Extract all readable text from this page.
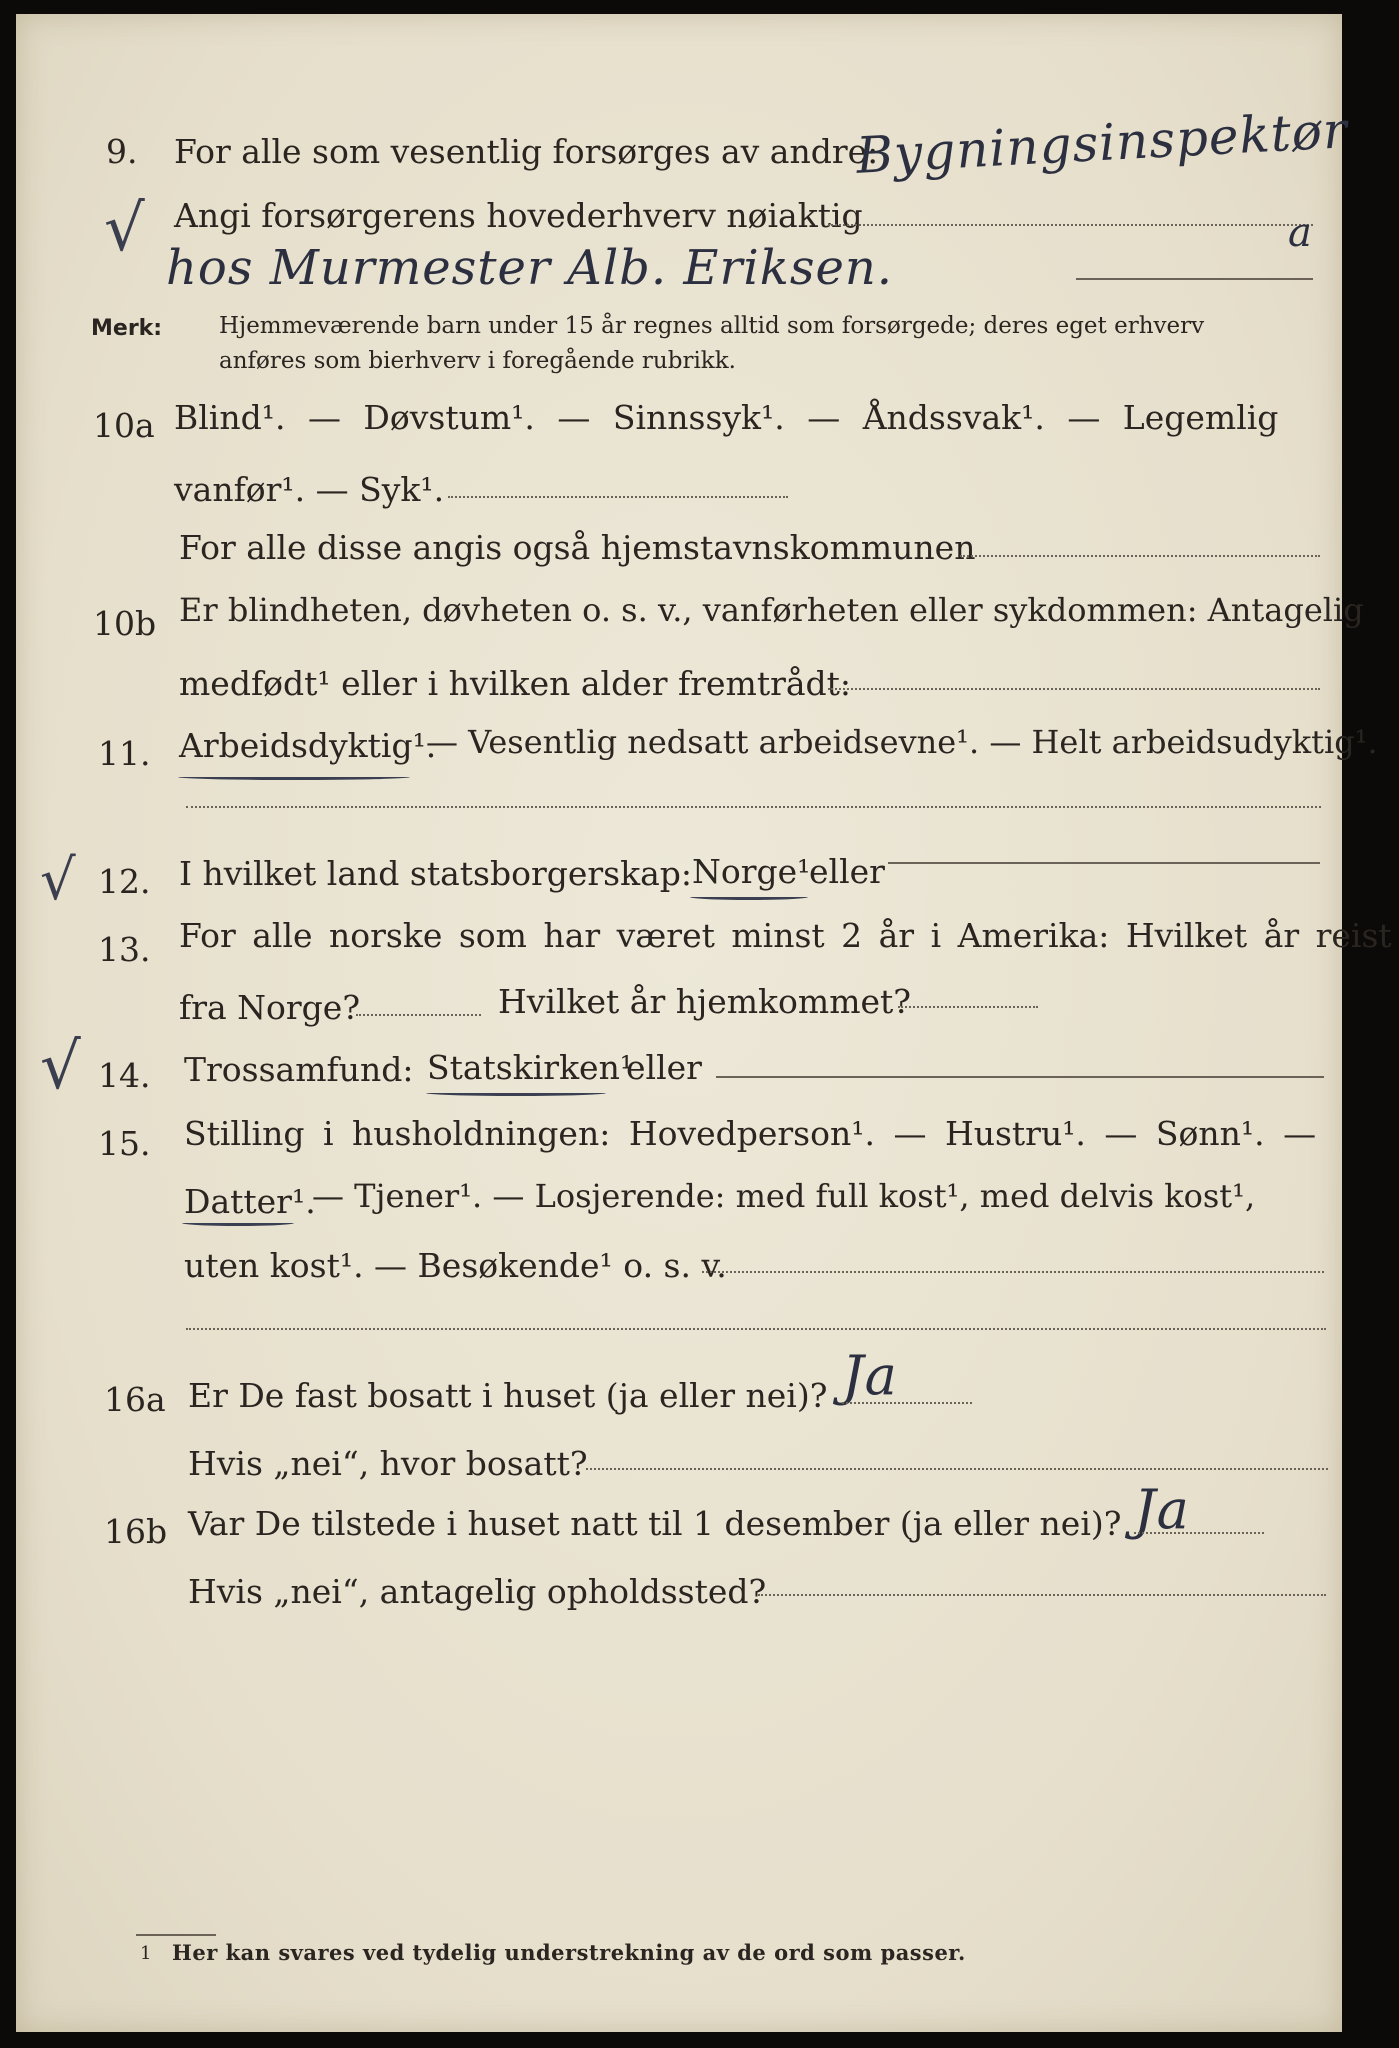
9. For alle som vesentlig forsørges av andre:
Bygningsinspektør
Angi forsørgerens hovederhverv nøiaktig	a
√
hos Murmester Alb. Eriksen.
Merk: Hjemmeværende barn under 15 år regnes alltid som forsørgede; deres eget erhverv
anføres som bierhverv i foregående rubrikk.
10a Blind¹. — Døvstum¹. — Sinnssyk¹. — Åndssvak¹. — Legemlig
vanfør¹. — Syk¹.
For alle disse angis også hjemstavnskommunen
10b Er blindheten, døvheten o. s. v., vanførheten eller sykdommen: Antagelig
medfødt¹ eller i hvilken alder fremtrådt:
11. Arbeidsdyktig¹.
— Vesentlig nedsatt arbeidsevne¹. — Helt arbeidsudyktig¹.
√ 12. I hvilket land statsborgerskap: Norge¹
eller
13. For alle norske som har været minst 2 år i Amerika: Hvilket år reist
fra Norge?	Hvilket år hjemkommet?
√ 14. Trossamfund: Statskirken¹
eller
15. Stilling i husholdningen: Hovedperson¹. — Hustru¹. — Sønn¹. —
Datter¹.
— Tjener¹. — Losjerende: med full kost¹, med delvis kost¹,
uten kost¹. — Besøkende¹ o. s. v.
16a Er De fast bosatt i huset (ja eller nei)? Ja
Hvis „nei“, hvor bosatt?
16b Var De tilstede i huset natt til 1 desember (ja eller nei)? Ja
Hvis „nei“, antagelig opholdssted?
1 Her kan svares ved tydelig understrekning av de ord som passer.
